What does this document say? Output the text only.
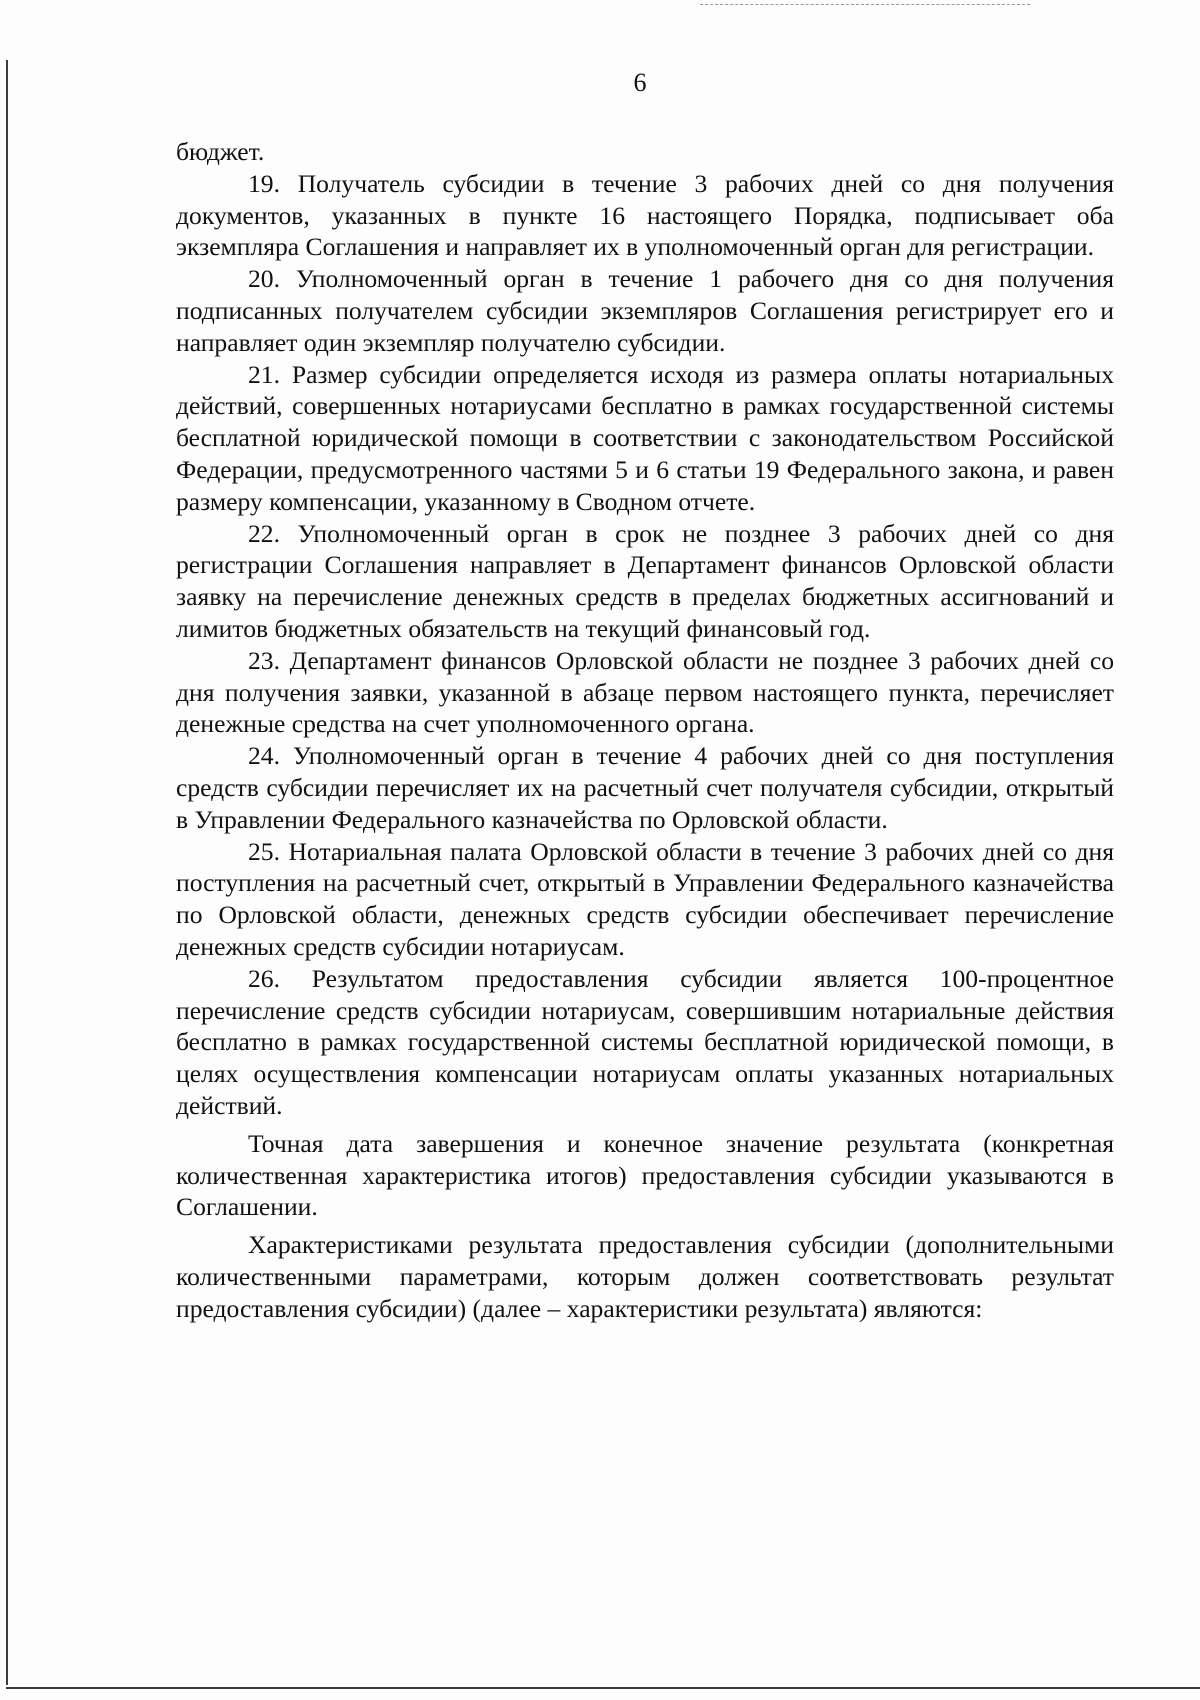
6

бюджет.

19. Получатель субсидии в течение 3 рабочих дней со дня получения документов, указанных в пункте 16 настоящего Порядка, подписывает оба экземпляра Соглашения и направляет их в уполномоченный орган для регистрации.

20. Уполномоченный орган в течение 1 рабочего дня со дня получения подписанных получателем субсидии экземпляров Соглашения регистрирует его и направляет один экземпляр получателю субсидии.

21. Размер субсидии определяется исходя из размера оплаты нотариальных действий, совершенных нотариусами бесплатно в рамках государственной системы бесплатной юридической помощи в соответствии с законодательством Российской Федерации, предусмотренного частями 5 и 6 статьи 19 Федерального закона, и равен размеру компенсации, указанному в Сводном отчете.

22. Уполномоченный орган в срок не позднее 3 рабочих дней со дня регистрации Соглашения направляет в Департамент финансов Орловской области заявку на перечисление денежных средств в пределах бюджетных ассигнований и лимитов бюджетных обязательств на текущий финансовый год.

23. Департамент финансов Орловской области не позднее 3 рабочих дней со дня получения заявки, указанной в абзаце первом настоящего пункта, перечисляет денежные средства на счет уполномоченного органа.

24. Уполномоченный орган в течение 4 рабочих дней со дня поступления средств субсидии перечисляет их на расчетный счет получателя субсидии, открытый в Управлении Федерального казначейства по Орловской области.

25. Нотариальная палата Орловской области в течение 3 рабочих дней со дня поступления на расчетный счет, открытый в Управлении Федерального казначейства по Орловской области, денежных средств субсидии обеспечивает перечисление денежных средств субсидии нотариусам.

26. Результатом предоставления субсидии является 100-процентное перечисление средств субсидии нотариусам, совершившим нотариальные действия бесплатно в рамках государственной системы бесплатной юридической помощи, в целях осуществления компенсации нотариусам оплаты указанных нотариальных действий.

Точная дата завершения и конечное значение результата (конкретная количественная характеристика итогов) предоставления субсидии указываются в Соглашении.

Характеристиками результата предоставления субсидии (дополнительными количественными параметрами, которым должен соответствовать результат предоставления субсидии) (далее – характеристики результата) являются:
